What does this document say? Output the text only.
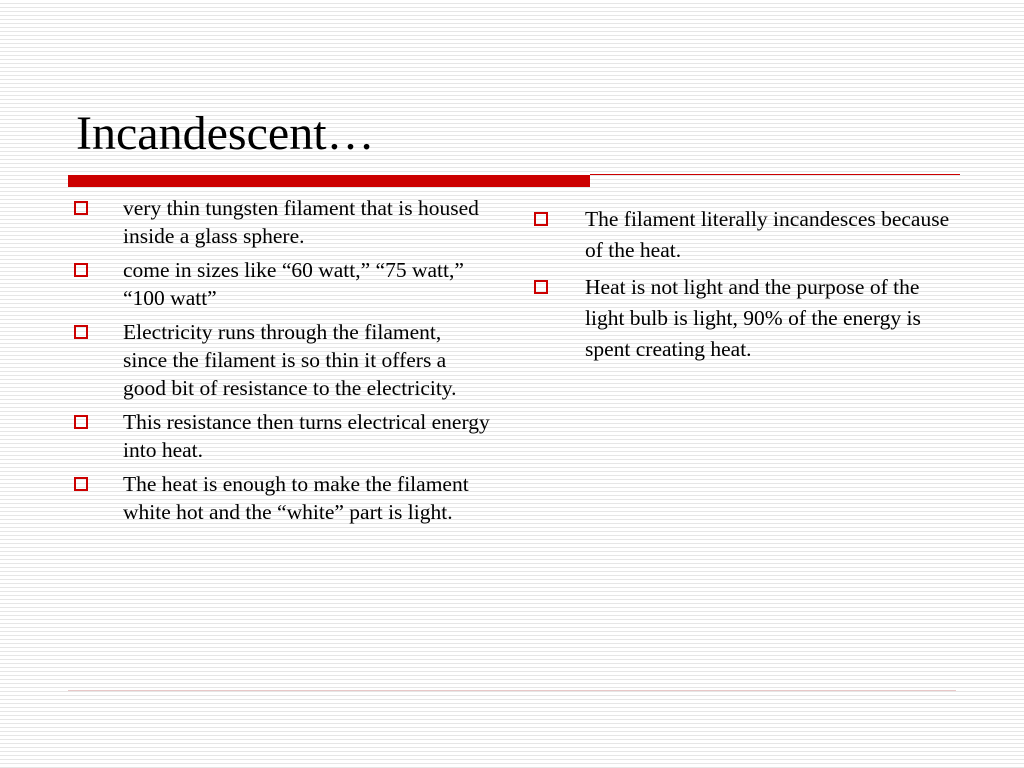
Incandescent…
very thin tungsten filament that is housed inside a glass sphere.
come in sizes like “60 watt,” “75 watt,” “100 watt”
Electricity runs through the filament, since the filament is so thin it offers a good bit of resistance to the electricity.
This resistance then turns electrical energy into heat.
The heat is enough to make the filament white hot and the “white” part is light.
The filament literally incandesces because of the heat.
Heat is not light and the purpose of the light bulb is light, 90% of the energy is spent creating heat.
